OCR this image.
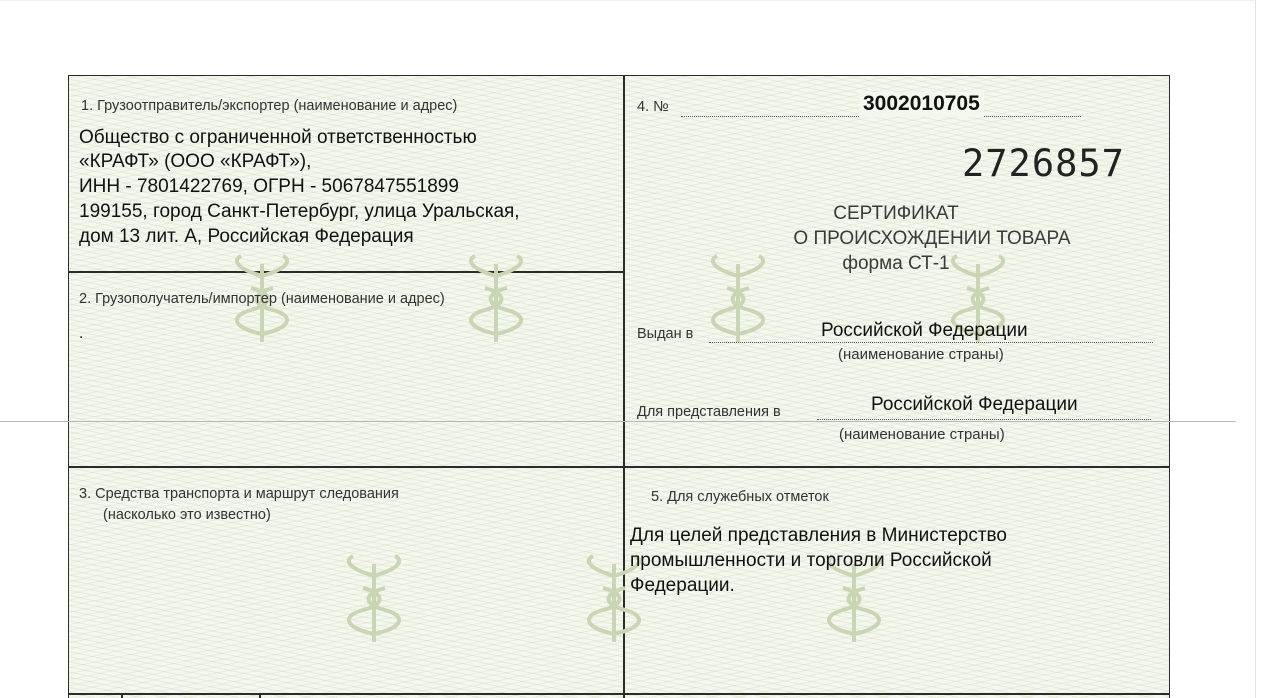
1. Грузоотправитель/экспортер (наименование и адрес)
Общество с ограниченной ответственностью
«КРАФТ» (ООО «КРАФТ»),
ИНН - 7801422769, ОГРН - 5067847551899
199155, город Санкт-Петербург, улица Уральская,
дом 13 лит. А, Российская Федерация
2. Грузополучатель/импортер (наименование и адрес)
.
3. Средства транспорта и маршрут следования
(насколько это известно)
4. №	3002010705
2726857
СЕРТИФИКАТ
О ПРОИСХОЖДЕНИИ ТОВАРА
форма СТ-1
Выдан в	Российской Федерации
(наименование страны)
Для представления в	Российской Федерации
(наименование страны)
5. Для служебных отметок
Для целей представления в Министерство
промышленности и торговли Российской
Федерации.
